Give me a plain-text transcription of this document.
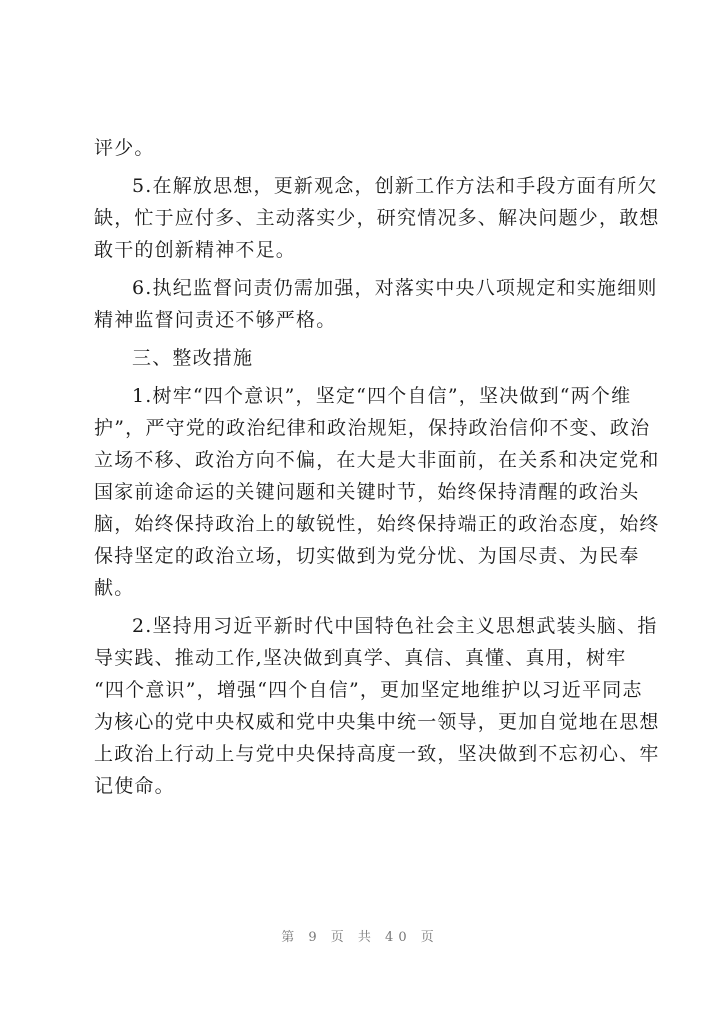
评少。
5.在解放思想，更新观念，创新工作方法和手段方面有所欠
缺，忙于应付多、主动落实少，研究情况多、解决问题少，敢想
敢干的创新精神不足。
6.执纪监督问责仍需加强，对落实中央八项规定和实施细则
精神监督问责还不够严格。
三、整改措施
1.树牢“四个意识”，坚定“四个自信”，坚决做到“两个维
护”，严守党的政治纪律和政治规矩，保持政治信仰不变、政治
立场不移、政治方向不偏，在大是大非面前，在关系和决定党和
国家前途命运的关键问题和关键时节，始终保持清醒的政治头
脑，始终保持政治上的敏锐性，始终保持端正的政治态度，始终
保持坚定的政治立场，切实做到为党分忧、为国尽责、为民奉
献。
2.坚持用习近平新时代中国特色社会主义思想武装头脑、指
导实践、推动工作,坚决做到真学、真信、真懂、真用，树牢
“四个意识”，增强“四个自信”，更加坚定地维护以习近平同志
为核心的党中央权威和党中央集中统一领导，更加自觉地在思想
上政治上行动上与党中央保持高度一致，坚决做到不忘初心、牢
记使命。
第 9 页 共 40 页
